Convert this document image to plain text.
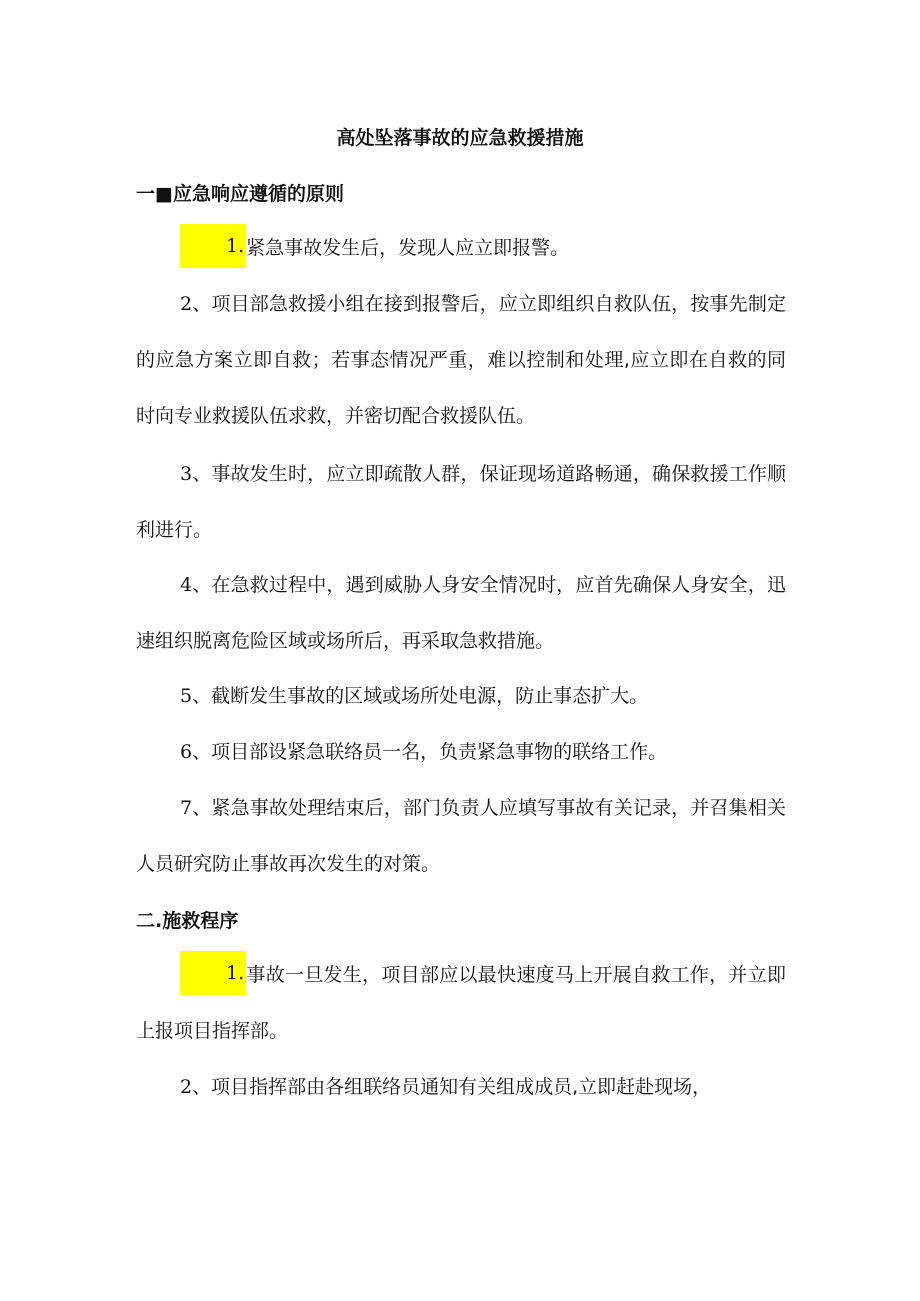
高处坠落事故的应急救援措施
一■应急响应遵循的原则
1. 紧急事故发生后，发现人应立即报警。
2、项目部急救援小组在接到报警后，应立即组织自救队伍，按事先制定的应急方案立即自救；若事态情况严重，难以控制和处理,应立即在自救的同时向专业救援队伍求救，并密切配合救援队伍。
3、事故发生时，应立即疏散人群，保证现场道路畅通，确保救援工作顺利进行。
4、在急救过程中，遇到威胁人身安全情况时，应首先确保人身安全，迅速组织脱离危险区域或场所后，再采取急救措施。
5、截断发生事故的区域或场所处电源，防止事态扩大。
6、项目部设紧急联络员一名，负责紧急事物的联络工作。
7、紧急事故处理结束后，部门负责人应填写事故有关记录，并召集相关人员研究防止事故再次发生的对策。
二.施救程序
1. 事故一旦发生，项目部应以最快速度马上开展自救工作，并立即上报项目指挥部。
2、项目指挥部由各组联络员通知有关组成成员,立即赶赴现场，
